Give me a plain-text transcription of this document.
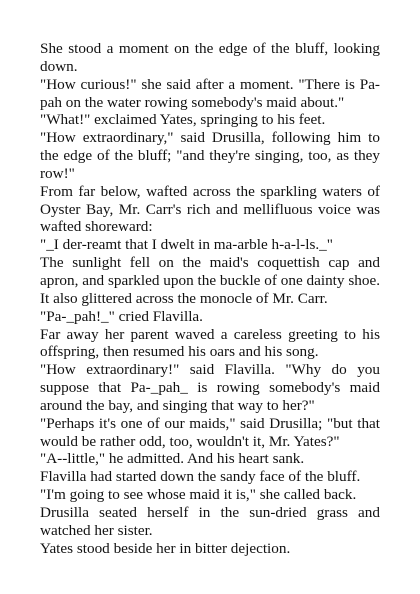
She stood a moment on the edge of the bluff, looking down.

"How curious!" she said after a moment. "There is Pa-pah on the water rowing somebody's maid about."

"What!" exclaimed Yates, springing to his feet.

"How extraordinary," said Drusilla, following him to the edge of the bluff; "and they're singing, too, as they row!"

From far below, wafted across the sparkling waters of Oyster Bay, Mr. Carr's rich and mellifluous voice was wafted shoreward:

"_I der-reamt that I dwelt in ma-arble h-a-l-ls._"

The sunlight fell on the maid's coquettish cap and apron, and sparkled upon the buckle of one dainty shoe. It also glittered across the monocle of Mr. Carr.

"Pa-_pah!_" cried Flavilla.

Far away her parent waved a careless greeting to his offspring, then resumed his oars and his song.

"How extraordinary!" said Flavilla. "Why do you suppose that Pa-_pah_ is rowing somebody's maid around the bay, and singing that way to her?"

"Perhaps it's one of our maids," said Drusilla; "but that would be rather odd, too, wouldn't it, Mr. Yates?"

"A--little," he admitted. And his heart sank.

Flavilla had started down the sandy face of the bluff.

"I'm going to see whose maid it is," she called back.

Drusilla seated herself in the sun-dried grass and watched her sister.

Yates stood beside her in bitter dejection.
